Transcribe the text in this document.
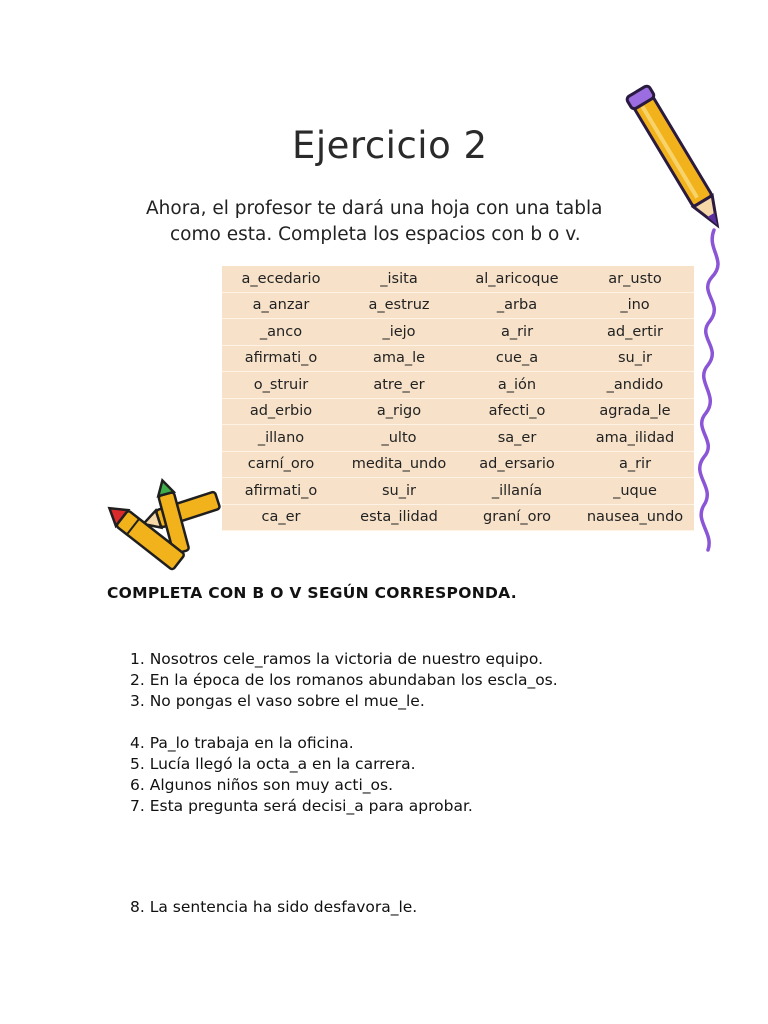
Ejercicio 2
Ahora, el profesor te dará una hoja con una tabla
como esta. Completa los espacios con b o v.
a_ecedario	_isita	al_aricoque	ar_usto
a_anzar	a_estruz	_arba	_ino
_anco	_iejo	a_rir	ad_ertir
afirmati_o	ama_le	cue_a	su_ir
o_struir	atre_er	a_ión	_andido
ad_erbio	a_rigo	afecti_o	agrada_le
_illano	_ulto	sa_er	ama_ilidad
carní_oro	medita_undo	ad_ersario	a_rir
afirmati_o	su_ir	_illanía	_uque
ca_er	esta_ilidad	graní_oro	nausea_undo
COMPLETA CON B O V SEGÚN CORRESPONDA.
1. Nosotros cele_ramos la victoria de nuestro equipo.
2. En la época de los romanos abundaban los escla_os.
3. No pongas el vaso sobre el mue_le.
4. Pa_lo trabaja en la oficina.
5. Lucía llegó la octa_a en la carrera.
6. Algunos niños son muy acti_os.
7. Esta pregunta será decisi_a para aprobar.
8. La sentencia ha sido desfavora_le.
